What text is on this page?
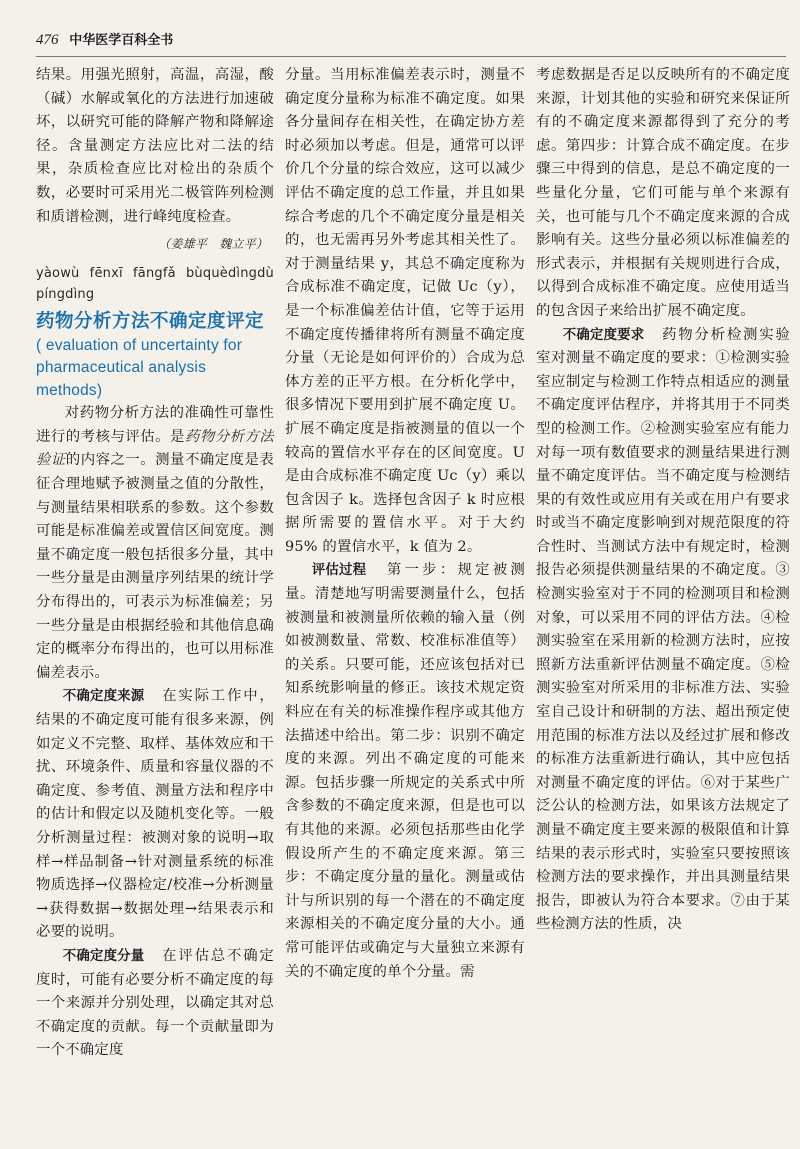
476 中华医学百科全书

结果。用强光照射，高温，高湿，酸（碱）水解或氧化的方法进行加速破坏，以研究可能的降解产物和降解途径。含量测定方法应比对二法的结果，杂质检查应比对检出的杂质个数，必要时可采用光二极管阵列检测和质谱检测，进行峰纯度检查。

（姜雄平　魏立平）
yàowù fēnxī fāngfǎ bùquèdìngdù píngdìng
药物分析方法不确定度评定
( evaluation of uncertainty for pharmaceutical analysis methods)

对药物分析方法的准确性可靠性进行的考核与评估。是药物分析方法验证的内容之一。测量不确定度是表征合理地赋予被测量之值的分散性，与测量结果相联系的参数。这个参数可能是标准偏差或置信区间宽度。测量不确定度一般包括很多分量，其中一些分量是由测量序列结果的统计学分布得出的，可表示为标准偏差；另一些分量是由根据经验和其他信息确定的概率分布得出的，也可以用标准偏差表示。

不确定度来源　 在实际工作中，结果的不确定度可能有很多来源，例如定义不完整、取样、基体效应和干扰、环境条件、质量和容量仪器的不确定度、参考值、测量方法和程序中的估计和假定以及随机变化等。一般分析测量过程：被测对象的说明→取样→样品制备→针对测量系统的标准物质选择→仪器检定/校准→分析测量→获得数据→数据处理→结果表示和必要的说明。

不确定度分量　 在评估总不确定度时，可能有必要分析不确定度的每一个来源并分别处理，以确定其对总不确定度的贡献。每一个贡献量即为一个不确定度

分量。当用标准偏差表示时，测量不确定度分量称为标准不确定度。如果各分量间存在相关性，在确定协方差时必须加以考虑。但是，通常可以评价几个分量的综合效应，这可以减少评估不确定度的总工作量，并且如果综合考虑的几个不确定度分量是相关的，也无需再另外考虑其相关性了。对于测量结果 y，其总不确定度称为合成标准不确定度，记做 Uc（y），是一个标准偏差估计值，它等于运用不确定度传播律将所有测量不确定度分量（无论是如何评价的）合成为总体方差的正平方根。在分析化学中，很多情况下要用到扩展不确定度 U。扩展不确定度是指被测量的值以一个较高的置信水平存在的区间宽度。U 是由合成标准不确定度 Uc（y）乘以包含因子 k。选择包含因子 k 时应根据所需要的置信水平。对于大约 95% 的置信水平，k 值为 2。

评估过程　 第一步：规定被测量。清楚地写明需要测量什么，包括被测量和被测量所依赖的输入量（例如被测数量、常数、校准标准值等）的关系。只要可能，还应该包括对已知系统影响量的修正。该技术规定资料应在有关的标准操作程序或其他方法描述中给出。第二步：识别不确定度的来源。列出不确定度的可能来源。包括步骤一所规定的关系式中所含参数的不确定度来源，但是也可以有其他的来源。必须包括那些由化学假设所产生的不确定度来源。第三步：不确定度分量的量化。测量或估计与所识别的每一个潜在的不确定度来源相关的不确定度分量的大小。通常可能评估或确定与大量独立来源有关的不确定度的单个分量。需

考虑数据是否足以反映所有的不确定度来源，计划其他的实验和研究来保证所有的不确定度来源都得到了充分的考虑。第四步：计算合成不确定度。在步骤三中得到的信息，是总不确定度的一些量化分量，它们可能与单个来源有关，也可能与几个不确定度来源的合成影响有关。这些分量必须以标准偏差的形式表示，并根据有关规则进行合成，以得到合成标准不确定度。应使用适当的包含因子来给出扩展不确定度。

不确定度要求　 药物分析检测实验室对测量不确定度的要求：①检测实验室应制定与检测工作特点相适应的测量不确定度评估程序，并将其用于不同类型的检测工作。②检测实验室应有能力对每一项有数值要求的测量结果进行测量不确定度评估。当不确定度与检测结果的有效性或应用有关或在用户有要求时或当不确定度影响到对规范限度的符合性时、当测试方法中有规定时，检测报告必须提供测量结果的不确定度。③检测实验室对于不同的检测项目和检测对象，可以采用不同的评估方法。④检测实验室在采用新的检测方法时，应按照新方法重新评估测量不确定度。⑤检测实验室对所采用的非标准方法、实验室自己设计和研制的方法、超出预定使用范围的标准方法以及经过扩展和修改的标准方法重新进行确认，其中应包括对测量不确定度的评估。⑥对于某些广泛公认的检测方法，如果该方法规定了测量不确定度主要来源的极限值和计算结果的表示形式时，实验室只要按照该检测方法的要求操作，并出具测量结果报告，即被认为符合本要求。⑦由于某些检测方法的性质，决
